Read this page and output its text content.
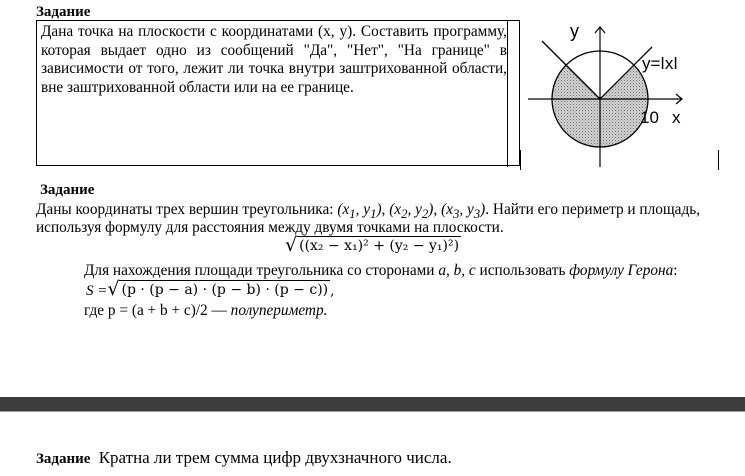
Задание
Дана точка на плоскости с координатами (x, y). Составить программу, которая выдает одно из сообщений "Да", "Нет", "На границе" в зависимости от того, лежит ли точка внутри заштрихованной области, вне заштрихованной области или на ее границе.
y
y=ǀxǀ
10 x
Задание
Даны координаты трех вершин треугольника: ($x_1$, $y_1$), ($x_2$, $y_2$), ($x_3$, $y_3$). Найти его периметр и площадь,
используя формулу для расстояния между двумя точками на плоскости.
√ ((x₂ − x₁)² + (y₂ − y₁)²)
Для нахождения площади треугольника со сторонами a, b, c использовать формулу Герона:
S = √ (p · (p − a) · (p − b) · (p − c)) ,
где p = (a + b + c)/2 — полупериметр.
Задание Кратна ли трем сумма цифр двухзначного числа.
